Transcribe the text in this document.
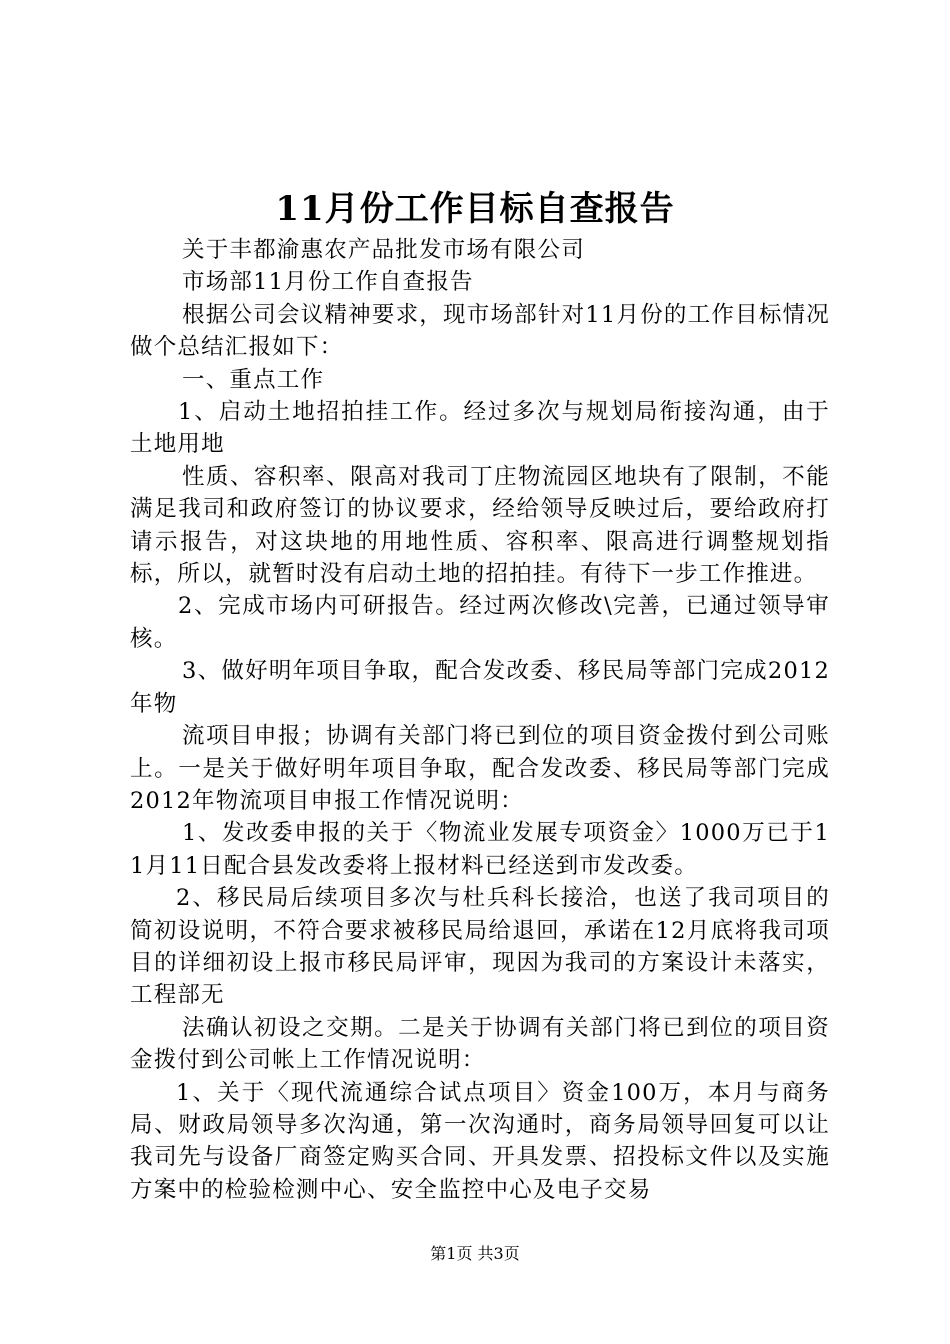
11月份工作目标自查报告

关于丰都渝惠农产品批发市场有限公司

市场部11月份工作自查报告

根据公司会议精神要求，现市场部针对11月份的工作目标情况做个总结汇报如下：

一、重点工作

1、启动土地招拍挂工作。经过多次与规划局衔接沟通，由于土地用地

性质、容积率、限高对我司丁庄物流园区地块有了限制，不能满足我司和政府签订的协议要求，经给领导反映过后，要给政府打请示报告，对这块地的用地性质、容积率、限高进行调整规划指标，所以，就暂时没有启动土地的招拍挂。有待下一步工作推进。

2、完成市场内可研报告。经过两次修改\完善，已通过领导审核。

3、做好明年项目争取，配合发改委、移民局等部门完成2012年物

流项目申报；协调有关部门将已到位的项目资金拨付到公司账上。一是关于做好明年项目争取，配合发改委、移民局等部门完成2012年物流项目申报工作情况说明：

1、发改委申报的关于〈物流业发展专项资金〉1000万已于11月11日配合县发改委将上报材料已经送到市发改委。

2、移民局后续项目多次与杜兵科长接洽，也送了我司项目的简初设说明，不符合要求被移民局给退回，承诺在12月底将我司项目的详细初设上报市移民局评审，现因为我司的方案设计未落实，工程部无

法确认初设之交期。二是关于协调有关部门将已到位的项目资金拨付到公司帐上工作情况说明：

1、关于〈现代流通综合试点项目〉资金100万，本月与商务局、财政局领导多次沟通，第一次沟通时，商务局领导回复可以让我司先与设备厂商签定购买合同、开具发票、招投标文件以及实施方案中的检验检测中心、安全监控中心及电子交易

第1页 共3页
